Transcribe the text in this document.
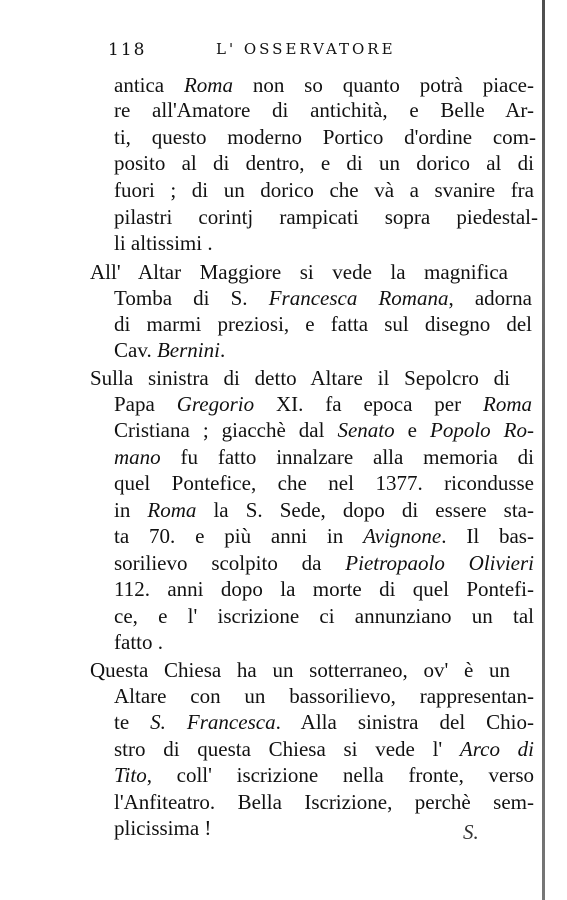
118	L' OSSERVATORE
antica Roma non so quanto potrà piace-
re all'Amatore di antichità, e Belle Ar-
ti, questo moderno Portico d'ordine com-
posito al di dentro, e di un dorico al di
fuori ; di un dorico che và a svanire fra
pilastri corintj rampicati sopra piedestal-
li altissimi .
All' Altar Maggiore si vede la magnifica
Tomba di S. Francesca Romana, adorna
di marmi preziosi, e fatta sul disegno del
Cav. Bernini.
Sulla sinistra di detto Altare il Sepolcro di
Papa Gregorio XI. fa epoca per Roma
Cristiana ; giacchè dal Senato e Popolo Ro-
mano fu fatto innalzare alla memoria di
quel Pontefice, che nel 1377. ricondusse
in Roma la S. Sede, dopo di essere sta-
ta 70. e più anni in Avignone. Il bas-
sorilievo scolpito da Pietropaolo Olivieri
112. anni dopo la morte di quel Pontefi-
ce, e l' iscrizione ci annunziano un tal
fatto .
Questa Chiesa ha un sotterraneo, ov' è un
Altare con un bassorilievo, rappresentan-
te S. Francesca. Alla sinistra del Chio-
stro di questa Chiesa si vede l' Arco di
Tito, coll' iscrizione nella fronte, verso
l'Anfiteatro. Bella Iscrizione, perchè sem-
plicissima !	S.
